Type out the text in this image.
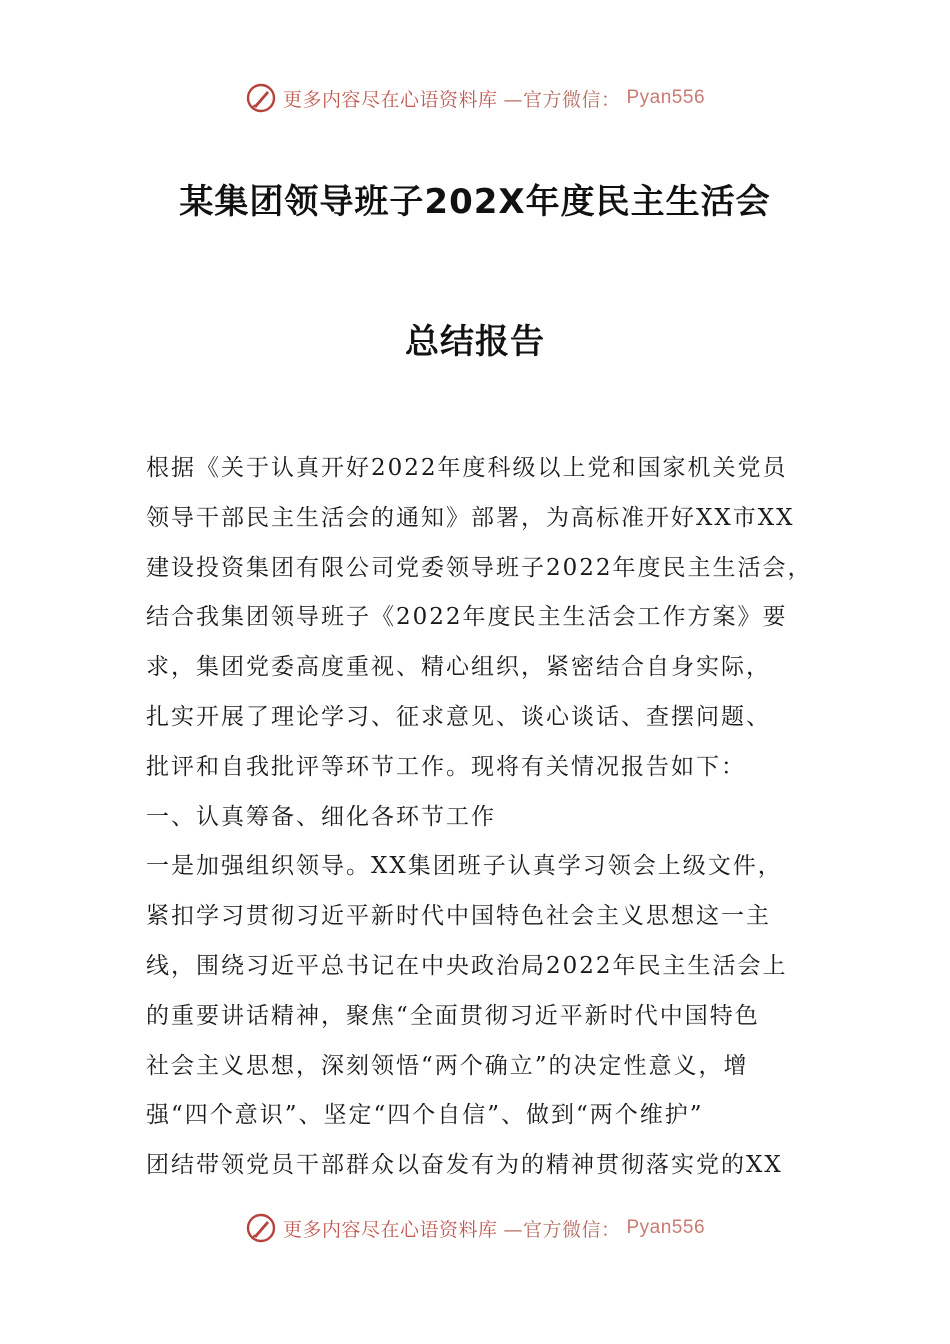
更多内容尽在心语资料库 —官方微信： Pyan556
某集团领导班子202X年度民主生活会
总结报告
根据《关于认真开好2022年度科级以上党和国家机关党员
领导干部民主生活会的通知》部署，为高标准开好XX市XX
建设投资集团有限公司党委领导班子2022年度民主生活会，
结合我集团领导班子《2022年度民主生活会工作方案》要
求，集团党委高度重视、精心组织，紧密结合自身实际，
扎实开展了理论学习、征求意见、谈心谈话、查摆问题、
批评和自我批评等环节工作。现将有关情况报告如下：
一、认真筹备、细化各环节工作
一是加强组织领导。XX集团班子认真学习领会上级文件，
紧扣学习贯彻习近平新时代中国特色社会主义思想这一主
线，围绕习近平总书记在中央政治局2022年民主生活会上
的重要讲话精神，聚焦“全面贯彻习近平新时代中国特色
社会主义思想，深刻领悟“两个确立”的决定性意义，增
强“四个意识”、坚定“四个自信”、做到“两个维护”
团结带领党员干部群众以奋发有为的精神贯彻落实党的XX
更多内容尽在心语资料库 —官方微信： Pyan556
